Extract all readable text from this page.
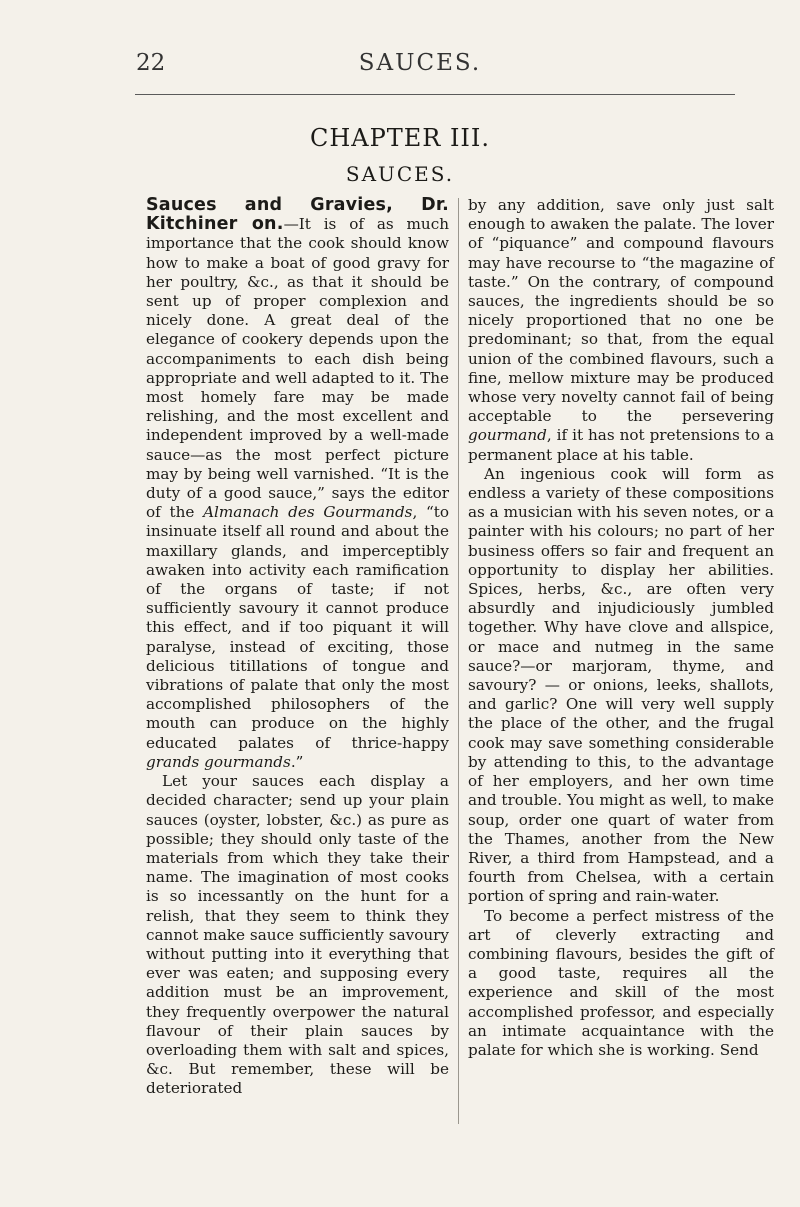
22	SAUCES.
CHAPTER III.
SAUCES.

Sauces and Gravies, Dr. Kitchiner on.—It is of as much importance that the cook should know how to make a boat of good gravy for her poultry, &c., as that it should be sent up of proper complexion and nicely done. A great deal of the elegance of cookery depends upon the accompaniments to each dish being appropriate and well adapted to it. The most homely fare may be made relishing, and the most excellent and independent improved by a well-made sauce—as the most perfect picture may by being well varnished. “It is the duty of a good sauce,” says the editor of the Almanach des Gourmands, “to insinuate itself all round and about the maxillary glands, and imperceptibly awaken into activity each ramification of the organs of taste; if not sufficiently savoury it cannot produce this effect, and if too piquant it will paralyse, instead of exciting, those delicious titillations of tongue and vibrations of palate that only the most accomplished philosophers of the mouth can produce on the highly educated palates of thrice-happy grands gourmands.”

Let your sauces each display a decided character; send up your plain sauces (oyster, lobster, &c.) as pure as possible; they should only taste of the materials from which they take their name. The imagination of most cooks is so incessantly on the hunt for a relish, that they seem to think they cannot make sauce sufficiently savoury without putting into it everything that ever was eaten; and supposing every addition must be an improvement, they frequently overpower the natural flavour of their plain sauces by overloading them with salt and spices, &c. But remember, these will be deteriorated

by any addition, save only just salt enough to awaken the palate. The lover of “piquance” and compound flavours may have recourse to “the magazine of taste.” On the contrary, of compound sauces, the ingredients should be so nicely proportioned that no one be predominant; so that, from the equal union of the combined flavours, such a fine, mellow mixture may be produced whose very novelty cannot fail of being acceptable to the persevering gourmand, if it has not pretensions to a permanent place at his table.

An ingenious cook will form as endless a variety of these compositions as a musician with his seven notes, or a painter with his colours; no part of her business offers so fair and frequent an opportunity to display her abilities. Spices, herbs, &c., are often very absurdly and injudiciously jumbled together. Why have clove and allspice, or mace and nutmeg in the same sauce?—or marjoram, thyme, and savoury? — or onions, leeks, shallots, and garlic? One will very well supply the place of the other, and the frugal cook may save something considerable by attending to this, to the advantage of her employers, and her own time and trouble. You might as well, to make soup, order one quart of water from the Thames, another from the New River, a third from Hampstead, and a fourth from Chelsea, with a certain portion of spring and rain-water.

To become a perfect mistress of the art of cleverly extracting and combining flavours, besides the gift of a good taste, requires all the experience and skill of the most accomplished professor, and especially an intimate acquaintance with the palate for which she is working. Send
